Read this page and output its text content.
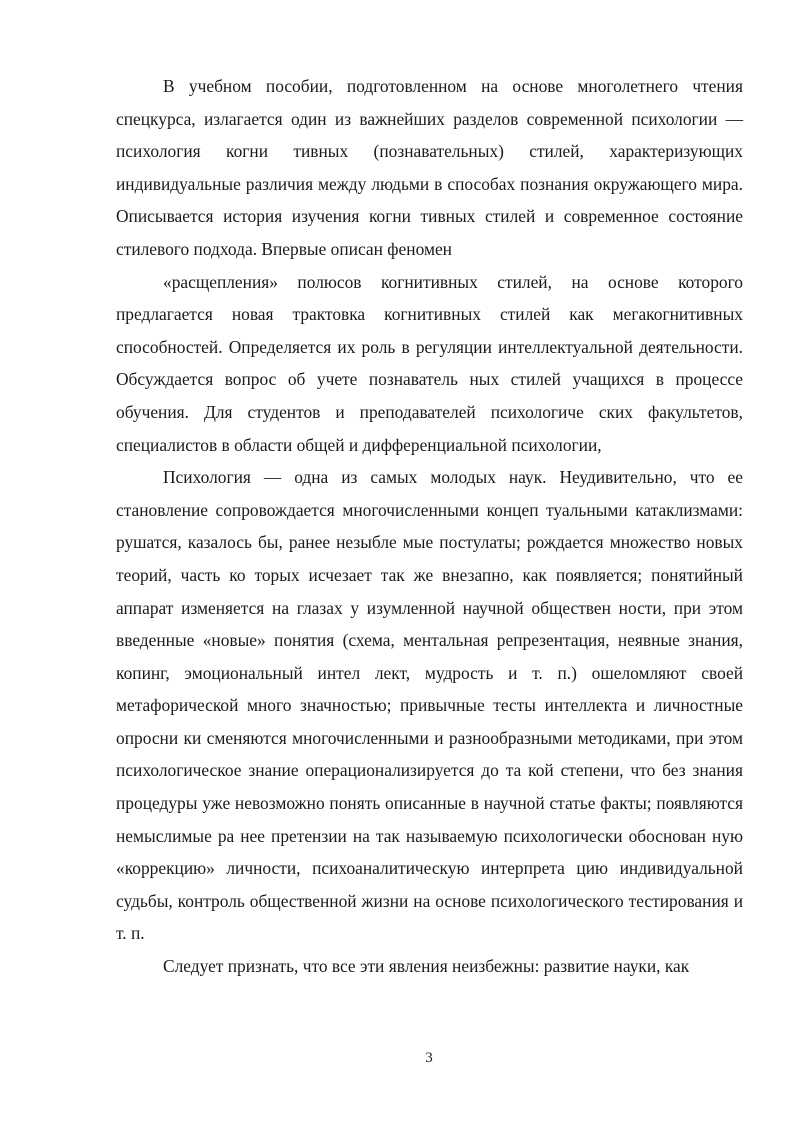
В учебном пособии, подготовленном на основе многолетнего чтения спецкурса, излагается один из важнейших разделов современной психологии — психология когни тивных (познавательных) стилей, характеризующих индивидуальные различия между людьми в способах познания окружающего мира. Описывается история изучения когни тивных стилей и современное состояние стилевого подхода. Впервые описан феномен

«расщепления» полюсов когнитивных стилей, на основе которого предлагается новая трактовка когнитивных стилей как мегакогнитивных способностей. Определяется их роль в регуляции интеллектуальной деятельности. Обсуждается вопрос об учете познаватель ных стилей учащихся в процессе обучения. Для студентов и преподавателей психологиче ских факультетов, специалистов в области общей и дифференциальной психологии,

Психология — одна из самых молодых наук. Неудивительно, что ее становление сопровождается многочисленными концеп туальными катаклизмами: рушатся, казалось бы, ранее незыбле мые постулаты; рождается множество новых теорий, часть ко торых исчезает так же внезапно, как появляется; понятийный аппарат изменяется на глазах у изумленной научной обществен ности, при этом введенные «новые» понятия (схема, ментальная репрезентация, неявные знания, копинг, эмоциональный интел лект, мудрость и т. п.) ошеломляют своей метафорической много значностью; привычные тесты интеллекта и личностные опросни ки сменяются многочисленными и разнообразными методиками, при этом психологическое знание операционализируется до та кой степени, что без знания процедуры уже невозможно понять описанные в научной статье факты; появляются немыслимые ра нее претензии на так называемую психологически обоснован ную «коррекцию» личности, психоаналитическую интерпрета цию индивидуальной судьбы, контроль общественной жизни на основе психологического тестирования и т. п.

Следует признать, что все эти явления неизбежны: развитие науки, как

3
